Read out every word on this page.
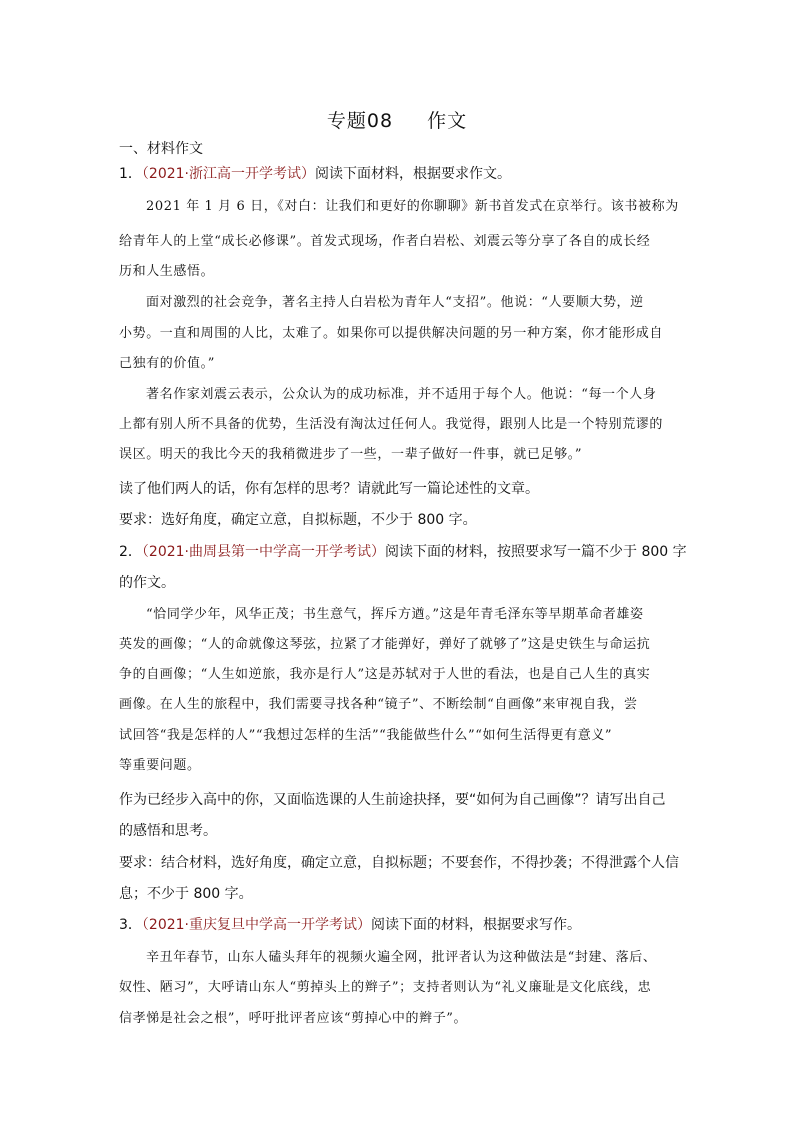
专题08 作文
一、材料作文
1．（2021·浙江高一开学考试）阅读下面材料，根据要求作文。
2021 年 1 月 6 日，《对白：让我们和更好的你聊聊》新书首发式在京举行。该书被称为
给青年人的上堂“成长必修课”。首发式现场，作者白岩松、刘震云等分享了各自的成长经
历和人生感悟。
面对激烈的社会竞争，著名主持人白岩松为青年人“支招”。他说：“人要顺大势，逆
小势。一直和周围的人比，太难了。如果你可以提供解决问题的另一种方案，你才能形成自
己独有的价值。”
著名作家刘震云表示，公众认为的成功标准，并不适用于每个人。他说：“每一个人身
上都有别人所不具备的优势，生活没有淘汰过任何人。我觉得，跟别人比是一个特别荒谬的
误区。明天的我比今天的我稍微进步了一些，一辈子做好一件事，就已足够。”
读了他们两人的话，你有怎样的思考？请就此写一篇论述性的文章。
要求：选好角度，确定立意，自拟标题，不少于 800 字。
2．（2021·曲周县第一中学高一开学考试）阅读下面的材料，按照要求写一篇不少于 800 字
的作文。
“恰同学少年，风华正茂；书生意气，挥斥方遒。”这是年青毛泽东等早期革命者雄姿
英发的画像；“人的命就像这琴弦，拉紧了才能弹好，弹好了就够了”这是史铁生与命运抗
争的自画像；“人生如逆旅，我亦是行人”这是苏轼对于人世的看法，也是自己人生的真实
画像。在人生的旅程中，我们需要寻找各种“镜子”、不断绘制“自画像”来审视自我，尝
试回答“我是怎样的人”“我想过怎样的生活”“我能做些什么”“如何生活得更有意义”
等重要问题。
作为已经步入高中的你，又面临选课的人生前途抉择，要“如何为自己画像”？请写出自己
的感悟和思考。
要求：结合材料，选好角度，确定立意，自拟标题；不要套作，不得抄袭；不得泄露个人信
息；不少于 800 字。
3．（2021·重庆复旦中学高一开学考试）阅读下面的材料，根据要求写作。
辛丑年春节，山东人磕头拜年的视频火遍全网，批评者认为这种做法是“封建、落后、
奴性、陋习”，大呼请山东人“剪掉头上的辫子”；支持者则认为“礼义廉耻是文化底线，忠
信孝悌是社会之根”，呼吁批评者应该“剪掉心中的辫子”。
